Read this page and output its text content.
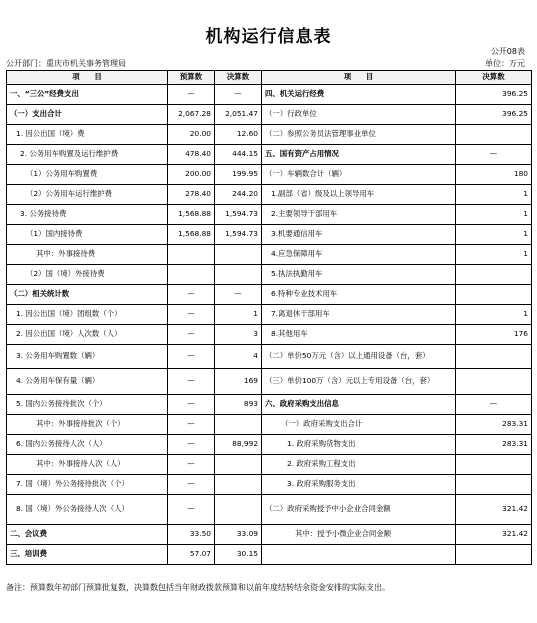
机构运行信息表
公开08表
公开部门：重庆市机关事务管理局	单位：万元
项　　目	预算数	决算数	项　　目	决算数
一、“三公”经费支出	—	—	四、机关运行经费	396.25
（一）支出合计	2,067.28	2,051.47	（一）行政单位	396.25
1. 因公出国（境）费	20.00	12.60	（二）参照公务员法管理事业单位	
2. 公务用车购置及运行维护费	478.40	444.15	五、国有资产占用情况	—
（1）公务用车购置费	200.00	199.95	（一）车辆数合计（辆）	180
（2）公务用车运行维护费	278.40	244.20	1.副部（省）级及以上领导用车	1
3. 公务接待费	1,568.88	1,594.73	2.主要领导干部用车	1
（1）国内接待费	1,568.88	1,594.73	3.机要通信用车	1
其中：外事接待费			4.应急保障用车	1
（2）国（境）外接待费			5.执法执勤用车	
（二）相关统计数	—	—	6.特种专业技术用车	
1. 因公出国（境）团组数（个）	—	1	7.离退休干部用车	1
2. 因公出国（境）人次数（人）	—	3	8.其他用车	176
3. 公务用车购置数（辆）	—	4	（二）单价50万元（含）以上通用设备（台，套）	
4. 公务用车保有量（辆）	—	169	（三）单价100万（含）元以上专用设备（台，套）	
5. 国内公务接待批次（个）	—	893	六、政府采购支出信息	—
其中：外事接待批次（个）	—		（一）政府采购支出合计	283.31
6. 国内公务接待人次（人）	—	88,992	1. 政府采购货物支出	283.31
其中：外事接待人次（人）	—		2. 政府采购工程支出	
7. 国（境）外公务接待批次（个）	—		3. 政府采购服务支出	
8. 国（境）外公务接待人次（人）	—		（二）政府采购授予中小企业合同金额	321.42
二、会议费	33.50	33.09	其中：授予小微企业合同金额	321.42
三、培训费	57.07	30.15		
备注：预算数年初部门预算批复数，决算数包括当年财政拨款预算和以前年度结转结余资金安排的实际支出。
